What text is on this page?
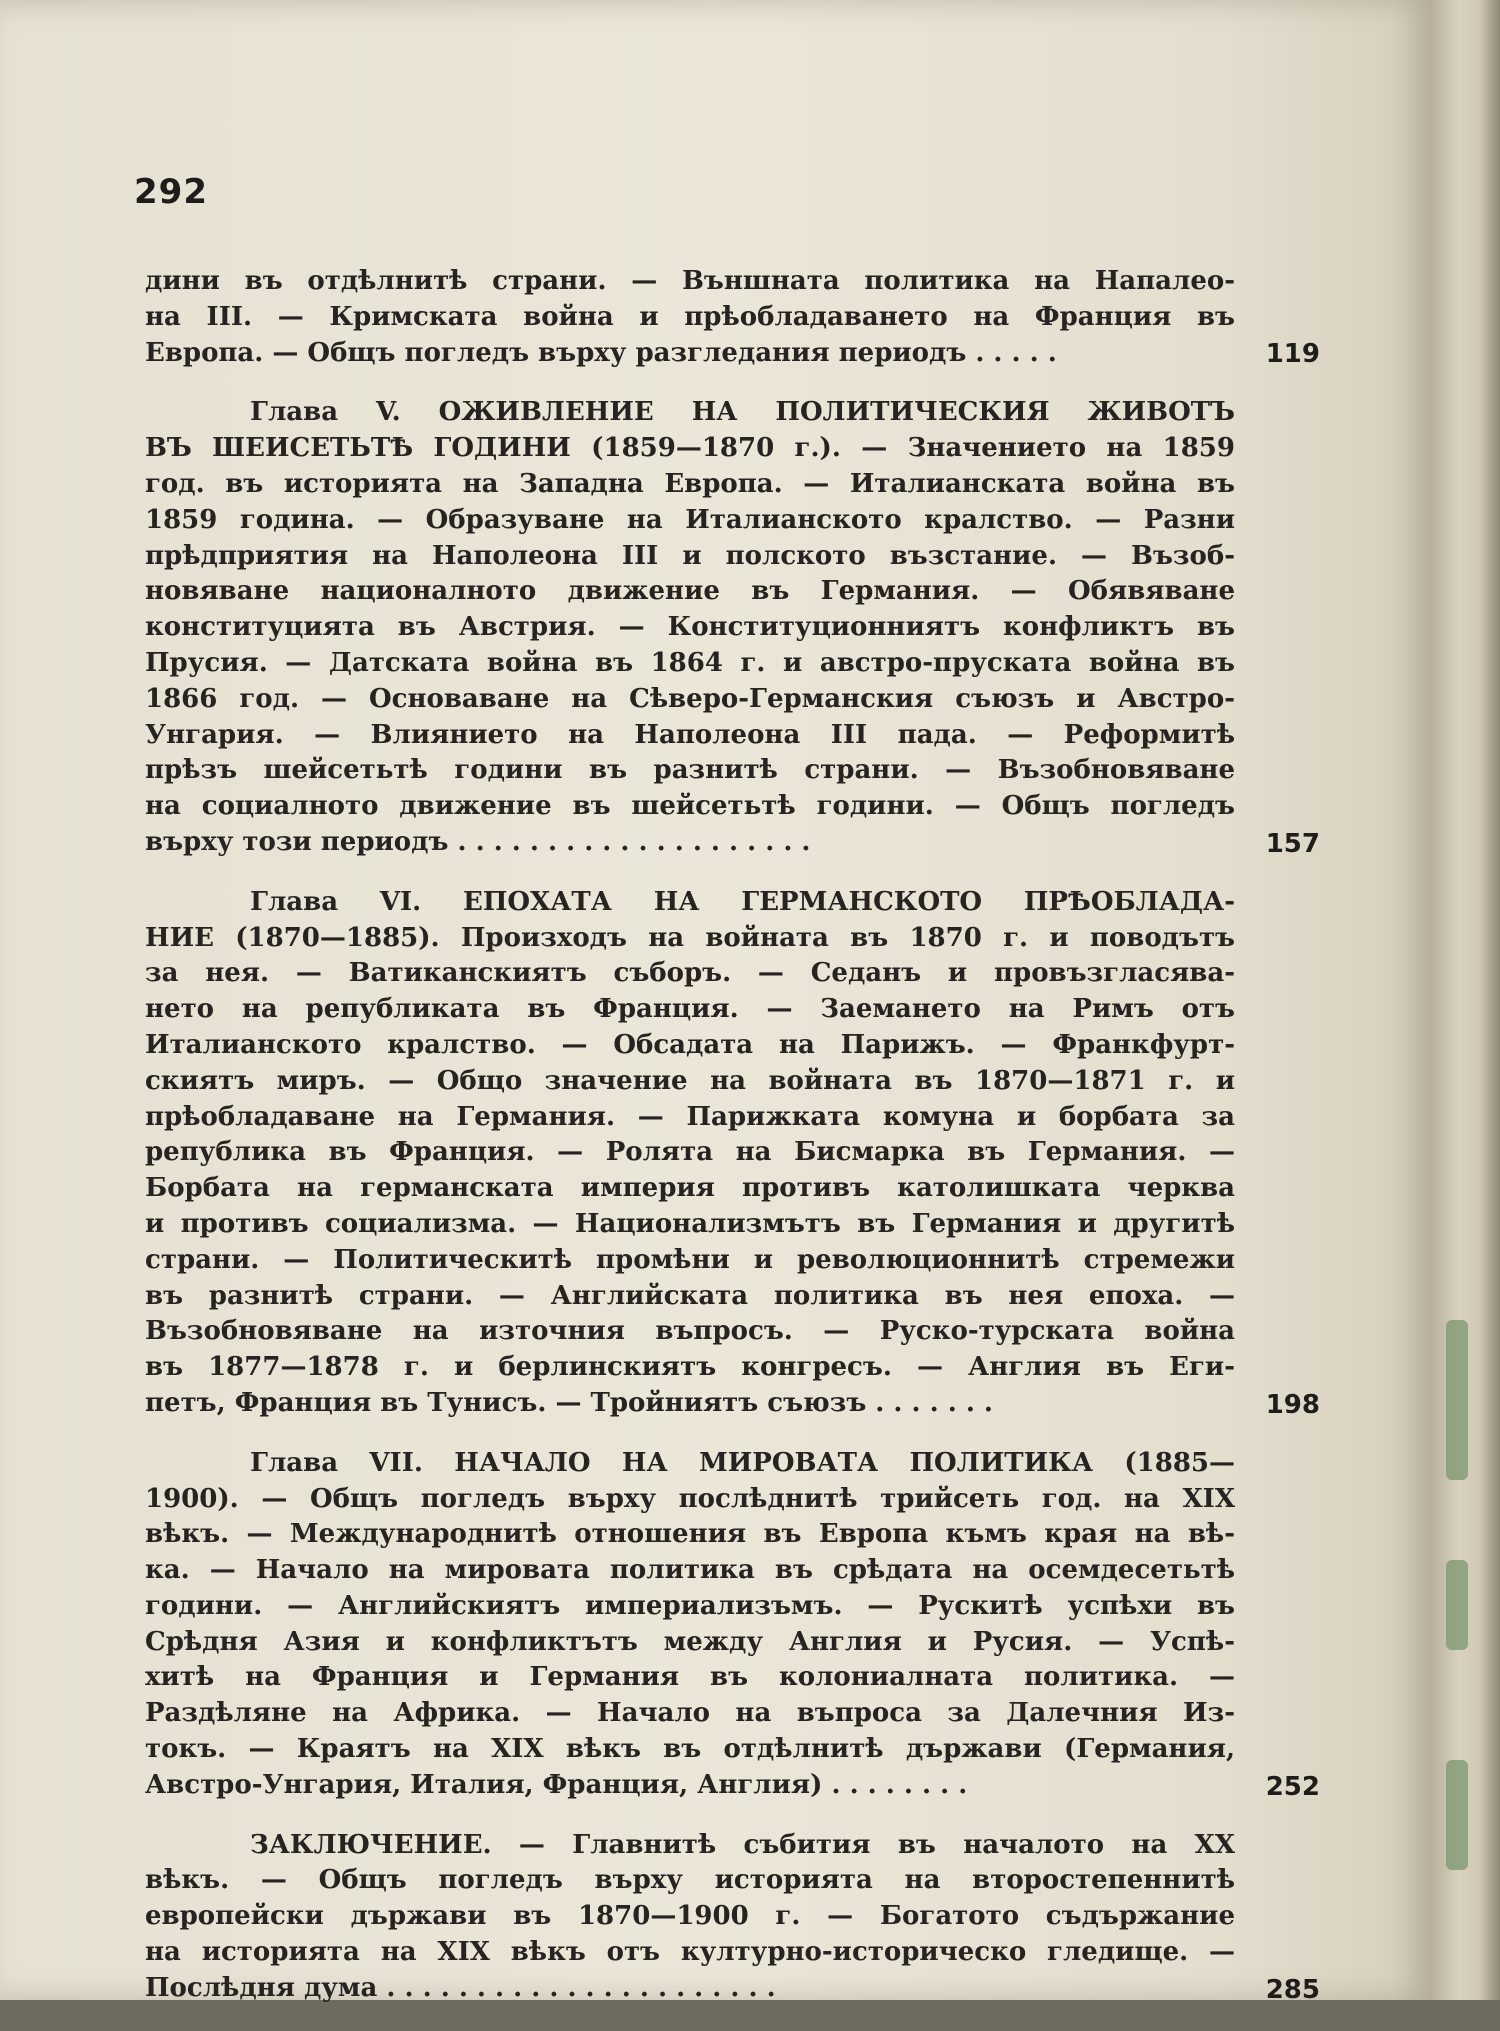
292
дини въ отдѣлнитѣ страни. — Външната политика на Напалео-
на III. — Кримската война и прѣобладаването на Франция въ
Европа. — Общъ погледъ върху разгледания периодъ . . . . .	119
Глава V. ОЖИВЛЕНИЕ НА ПОЛИТИЧЕСКИЯ ЖИВОТЪ
ВЪ ШЕИСЕТЬТѢ ГОДИНИ (1859—1870 г.). — Значението на 1859
год. въ историята на Западна Европа. — Италианската война въ
1859 година. — Образуване на Италианското кралство. — Разни
прѣдприятия на Наполеона III и полското възстание. — Възоб-
новяване националното движение въ Германия. — Обявяване
конституцията въ Австрия. — Конституционниятъ конфликтъ въ
Прусия. — Датската война въ 1864 г. и австро-пруската война въ
1866 год. — Основаване на Сѣверо-Германския съюзъ и Австро-
Унгария. — Влиянието на Наполеона III пада. — Реформитѣ
прѣзъ шейсетьтѣ години въ разнитѣ страни. — Възобновяване
на социалното движение въ шейсетьтѣ години. — Общъ погледъ
върху този периодъ . . . . . . . . . . . . . . . . . . . .	157
Глава VI. ЕПОХАТА НА ГЕРМАНСКОТО ПРѢОБЛАДА-
НИЕ (1870—1885). Произходъ на войната въ 1870 г. и поводътъ
за нея. — Ватиканскиятъ съборъ. — Седанъ и провъзгласява-
нето на републиката въ Франция. — Заемането на Римъ отъ
Италианското кралство. — Обсадата на Парижъ. — Франкфурт-
скиятъ миръ. — Общо значение на войната въ 1870—1871 г. и
прѣобладаване на Германия. — Парижката комуна и борбата за
република въ Франция. — Ролята на Бисмарка въ Германия. —
Борбата на германската империя противъ католишката черква
и противъ социализма. — Национализмътъ въ Германия и другитѣ
страни. — Политическитѣ промѣни и революционнитѣ стремежи
въ разнитѣ страни. — Английската политика въ нея епоха. —
Възобновяване на източния въпросъ. — Руско-турската война
въ 1877—1878 г. и берлинскиятъ конгресъ. — Англия въ Еги-
петъ, Франция въ Тунисъ. — Тройниятъ съюзъ . . . . . . .	198
Глава VII. НАЧАЛО НА МИРОВАТА ПОЛИТИКА (1885—
1900). — Общъ погледъ върху послѣднитѣ трийсеть год. на XIX
вѣкъ. — Международнитѣ отношения въ Европа къмъ края на вѣ-
ка. — Начало на мировата политика въ срѣдата на осемдесетьтѣ
години. — Английскиятъ империализъмъ. — Рускитѣ успѣхи въ
Срѣдня Азия и конфликтътъ между Англия и Русия. — Успѣ-
хитѣ на Франция и Германия въ колониалната политика. —
Раздѣляне на Африка. — Начало на въпроса за Далечния Из-
токъ. — Краятъ на XIX вѣкъ въ отдѣлнитѣ държави (Германия,
Австро-Унгария, Италия, Франция, Англия) . . . . . . . .	252
ЗАКЛЮЧЕНИЕ. — Главнитѣ събития въ началото на XX
вѣкъ. — Общъ погледъ върху историята на второстепеннитѣ
европейски държави въ 1870—1900 г. — Богатото съдържание
на историята на XIX вѣкъ отъ културно-историческо гледище. —
Послѣдня дума . . . . . . . . . . . . . . . . . . . . . .	285
